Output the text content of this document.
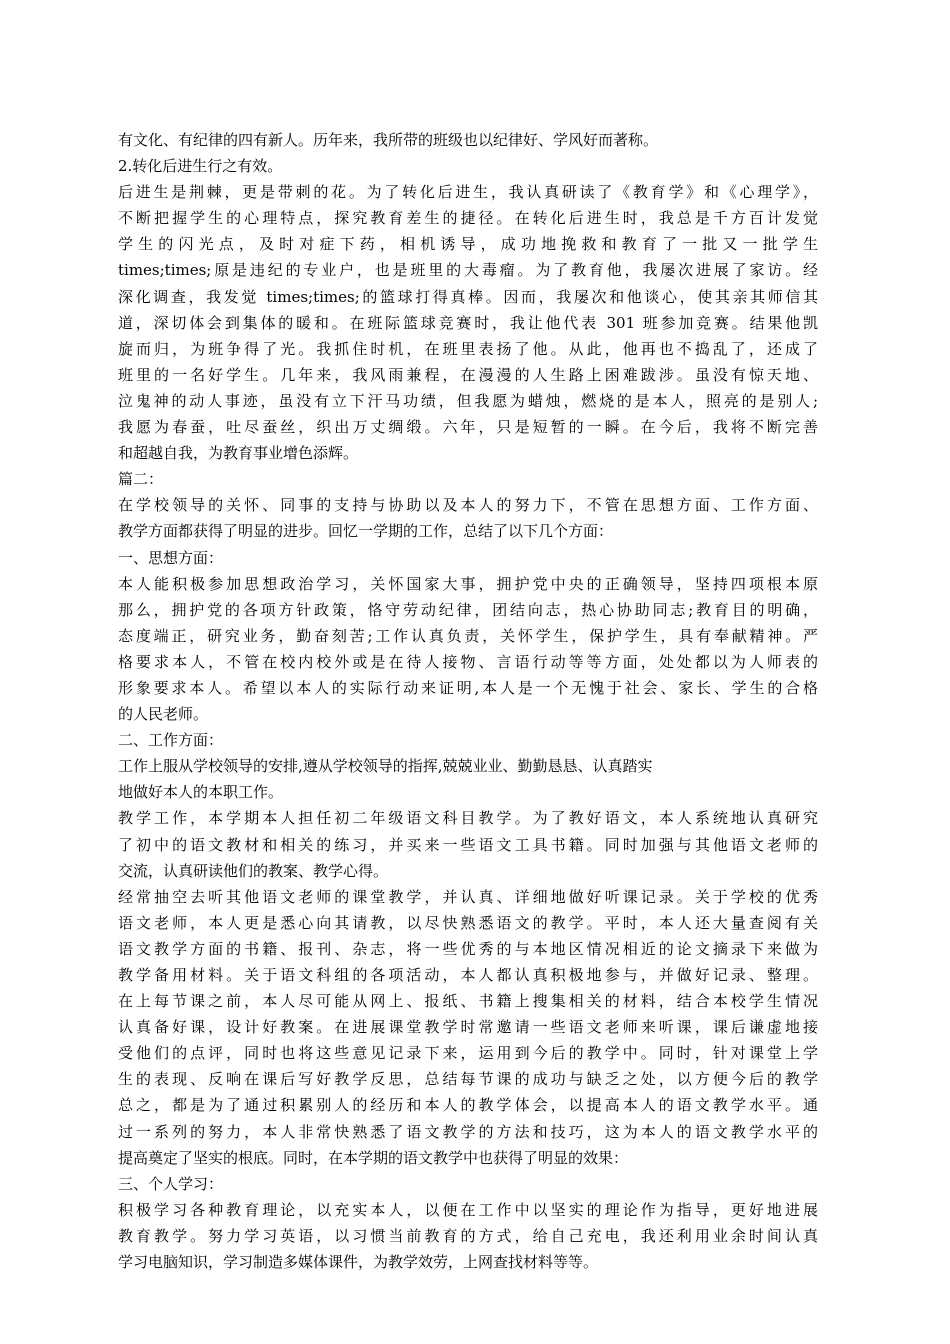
有文化、有纪律的四有新人。历年来，我所带的班级也以纪律好、学风好而著称。
2.转化后进生行之有效。
后进生是荆棘，更是带刺的花。为了转化后进生，我认真研读了《教育学》和《心理学》，
不断把握学生的心理特点，探究教育差生的捷径。在转化后进生时，我总是千方百计发觉
学 生 的 闪 光 点 ， 及 时 对 症 下 药 ， 相 机 诱 导 ， 成 功 地 挽 救 和 教 育 了 一 批 又 一 批 学 生
times;times;原是违纪的专业户，也是班里的大毒瘤。为了教育他，我屡次进展了家访。经
深化调查，我发觉 times;times;的篮球打得真棒。因而，我屡次和他谈心，使其亲其师信其
道，深切体会到集体的暖和。在班际篮球竞赛时，我让他代表 301 班参加竞赛。结果他凯
旋而归，为班争得了光。我抓住时机，在班里表扬了他。从此，他再也不捣乱了，还成了
班里的一名好学生。几年来，我风雨兼程，在漫漫的人生路上困难跋涉。虽没有惊天地、
泣鬼神的动人事迹，虽没有立下汗马功绩，但我愿为蜡烛，燃烧的是本人，照亮的是别人;
我愿为春蚕，吐尽蚕丝，织出万丈绸缎。六年，只是短暂的一瞬。在今后，我将不断完善
和超越自我，为教育事业增色添辉。
篇二：
在学校领导的关怀、同事的支持与协助以及本人的努力下，不管在思想方面、工作方面、
教学方面都获得了明显的进步。回忆一学期的工作，总结了以下几个方面：
一、思想方面：
本人能积极参加思想政治学习，关怀国家大事，拥护党中央的正确领导，坚持四项根本原
那么，拥护党的各项方针政策，恪守劳动纪律，团结向志，热心协助同志;教育目的明确，
态度端正，研究业务，勤奋刻苦;工作认真负责，关怀学生，保护学生，具有奉献精神。严
格要求本人，不管在校内校外或是在待人接物、言语行动等等方面，处处都以为人师表的
形象要求本人。希望以本人的实际行动来证明,本人是一个无愧于社会、家长、学生的合格
的人民老师。
二、工作方面：
工作上服从学校领导的安排,遵从学校领导的指挥,兢兢业业、勤勤恳恳、认真踏实
地做好本人的本职工作。
教学工作，本学期本人担任初二年级语文科目教学。为了教好语文，本人系统地认真研究
了初中的语文教材和相关的练习，并买来一些语文工具书籍。同时加强与其他语文老师的
交流，认真研读他们的教案、教学心得。
经常抽空去听其他语文老师的课堂教学，并认真、详细地做好听课记录。关于学校的优秀
语文老师，本人更是悉心向其请教，以尽快熟悉语文的教学。平时，本人还大量查阅有关
语文教学方面的书籍、报刊、杂志，将一些优秀的与本地区情况相近的论文摘录下来做为
教学备用材料。关于语文科组的各项活动，本人都认真积极地参与，并做好记录、整理。
在上每节课之前，本人尽可能从网上、报纸、书籍上搜集相关的材料，结合本校学生情况
认真备好课，设计好教案。在进展课堂教学时常邀请一些语文老师来听课，课后谦虚地接
受他们的点评，同时也将这些意见记录下来，运用到今后的教学中。同时，针对课堂上学
生的表现、反响在课后写好教学反思，总结每节课的成功与缺乏之处，以方便今后的教学
总之，都是为了通过积累别人的经历和本人的教学体会，以提高本人的语文教学水平。通
过一系列的努力，本人非常快熟悉了语文教学的方法和技巧，这为本人的语文教学水平的
提高奠定了坚实的根底。同时，在本学期的语文教学中也获得了明显的效果：
三、个人学习：
积极学习各种教育理论，以充实本人，以便在工作中以坚实的理论作为指导，更好地进展
教育教学。努力学习英语，以习惯当前教育的方式，给自己充电，我还利用业余时间认真
学习电脑知识，学习制造多媒体课件，为教学效劳，上网查找材料等等。
